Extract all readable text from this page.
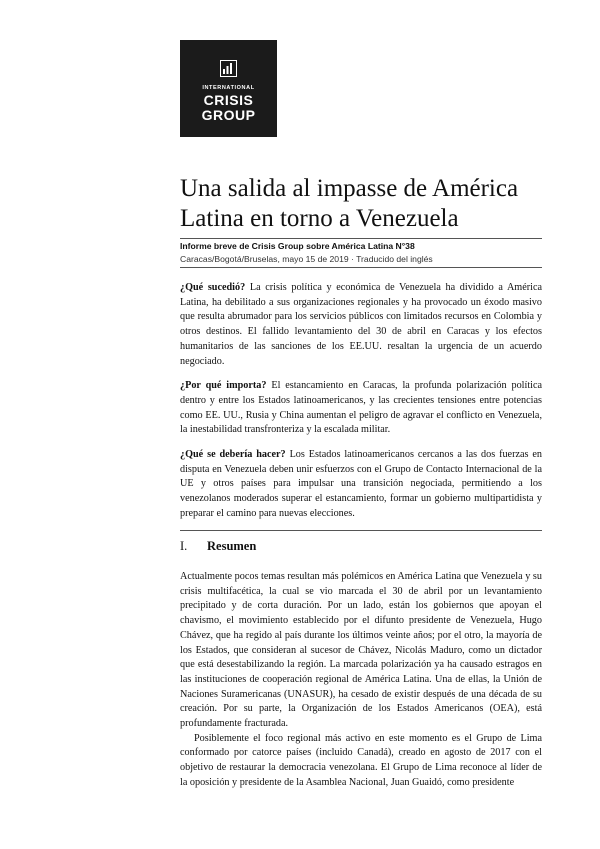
INTERNATIONAL
CRISIS
GROUP
Una salida al impasse de América Latina en torno a Venezuela
Informe breve de Crisis Group sobre América Latina N°38
Caracas/Bogotá/Bruselas, mayo 15 de 2019 · Traducido del inglés

¿Qué sucedió? La crisis política y económica de Venezuela ha dividido a América Latina, ha debilitado a sus organizaciones regionales y ha provocado un éxodo masivo que resulta abrumador para los servicios públicos con limitados recursos en Colombia y otros destinos. El fallido levantamiento del 30 de abril en Caracas y los efectos humanitarios de las sanciones de los EE.UU. resaltan la urgencia de un acuerdo negociado.

¿Por qué importa? El estancamiento en Caracas, la profunda polarización política dentro y entre los Estados latinoamericanos, y las crecientes tensiones entre potencias como EE. UU., Rusia y China aumentan el peligro de agravar el conflicto en Venezuela, la inestabilidad transfronteriza y la escalada militar.

¿Qué se debería hacer? Los Estados latinoamericanos cercanos a las dos fuerzas en disputa en Venezuela deben unir esfuerzos con el Grupo de Contacto Internacional de la UE y otros países para impulsar una transición negociada, permitiendo a los venezolanos moderados superar el estancamiento, formar un gobierno multipartidista y preparar el camino para nuevas elecciones.

I. Resumen

Actualmente pocos temas resultan más polémicos en América Latina que Venezuela y su crisis multifacética, la cual se vio marcada el 30 de abril por un levantamiento precipitado y de corta duración. Por un lado, están los gobiernos que apoyan el chavismo, el movimiento establecido por el difunto presidente de Venezuela, Hugo Chávez, que ha regido al país durante los últimos veinte años; por el otro, la mayoría de los Estados, que consideran al sucesor de Chávez, Nicolás Maduro, como un dictador que está desestabilizando la región. La marcada polarización ya ha causado estragos en las instituciones de cooperación regional de América Latina. Una de ellas, la Unión de Naciones Suramericanas (UNASUR), ha cesado de existir después de una década de su creación. Por su parte, la Organización de los Estados Americanos (OEA), está profundamente fracturada.

Posiblemente el foco regional más activo en este momento es el Grupo de Lima conformado por catorce países (incluido Canadá), creado en agosto de 2017 con el objetivo de restaurar la democracia venezolana. El Grupo de Lima reconoce al líder de la oposición y presidente de la Asamblea Nacional, Juan Guaidó, como presidente
